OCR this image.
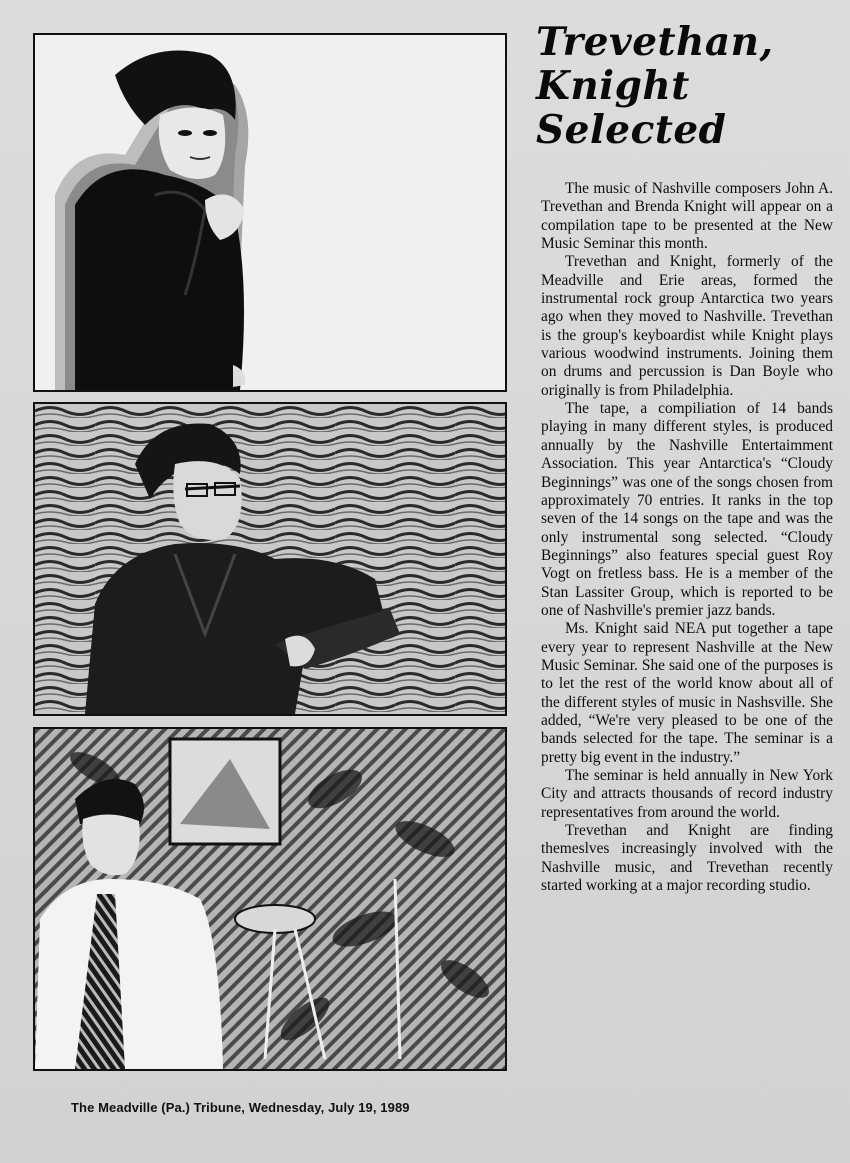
The Meadville (Pa.) Tribune, Wednesday, July 19, 1989
Trevethan,
Knight
Selected

The music of Nashville composers John A. Trevethan and Brenda Knight will appear on a compilation tape to be presented at the New Music Seminar this month.

Trevethan and Knight, formerly of the Meadville and Erie areas, formed the instrumental rock group Antarctica two years ago when they moved to Nashville. Trevethan is the group's keyboardist while Knight plays various woodwind instruments. Joining them on drums and percussion is Dan Boyle who originally is from Philadelphia.

The tape, a compiliation of 14 bands playing in many different styles, is produced annually by the Nashville Entertaimment Association. This year Antarctica's “Cloudy Beginnings” was one of the songs chosen from approximately 70 entries. It ranks in the top seven of the 14 songs on the tape and was the only instrumental song selected. “Cloudy Beginnings” also features special guest Roy Vogt on fretless bass. He is a member of the Stan Lassiter Group, which is reported to be one of Nashville's premier jazz bands.

Ms. Knight said NEA put together a tape every year to represent Nashville at the New Music Seminar. She said one of the purposes is to let the rest of the world know about all of the different styles of music in Nashsville. She added, “We're very pleased to be one of the bands selected for the tape. The seminar is a pretty big event in the industry.”

The seminar is held annually in New York City and attracts thousands of record industry representatives from around the world.

Trevethan and Knight are finding themeslves increasingly involved with the Nashville music, and Trevethan recently started working at a major recording studio.
